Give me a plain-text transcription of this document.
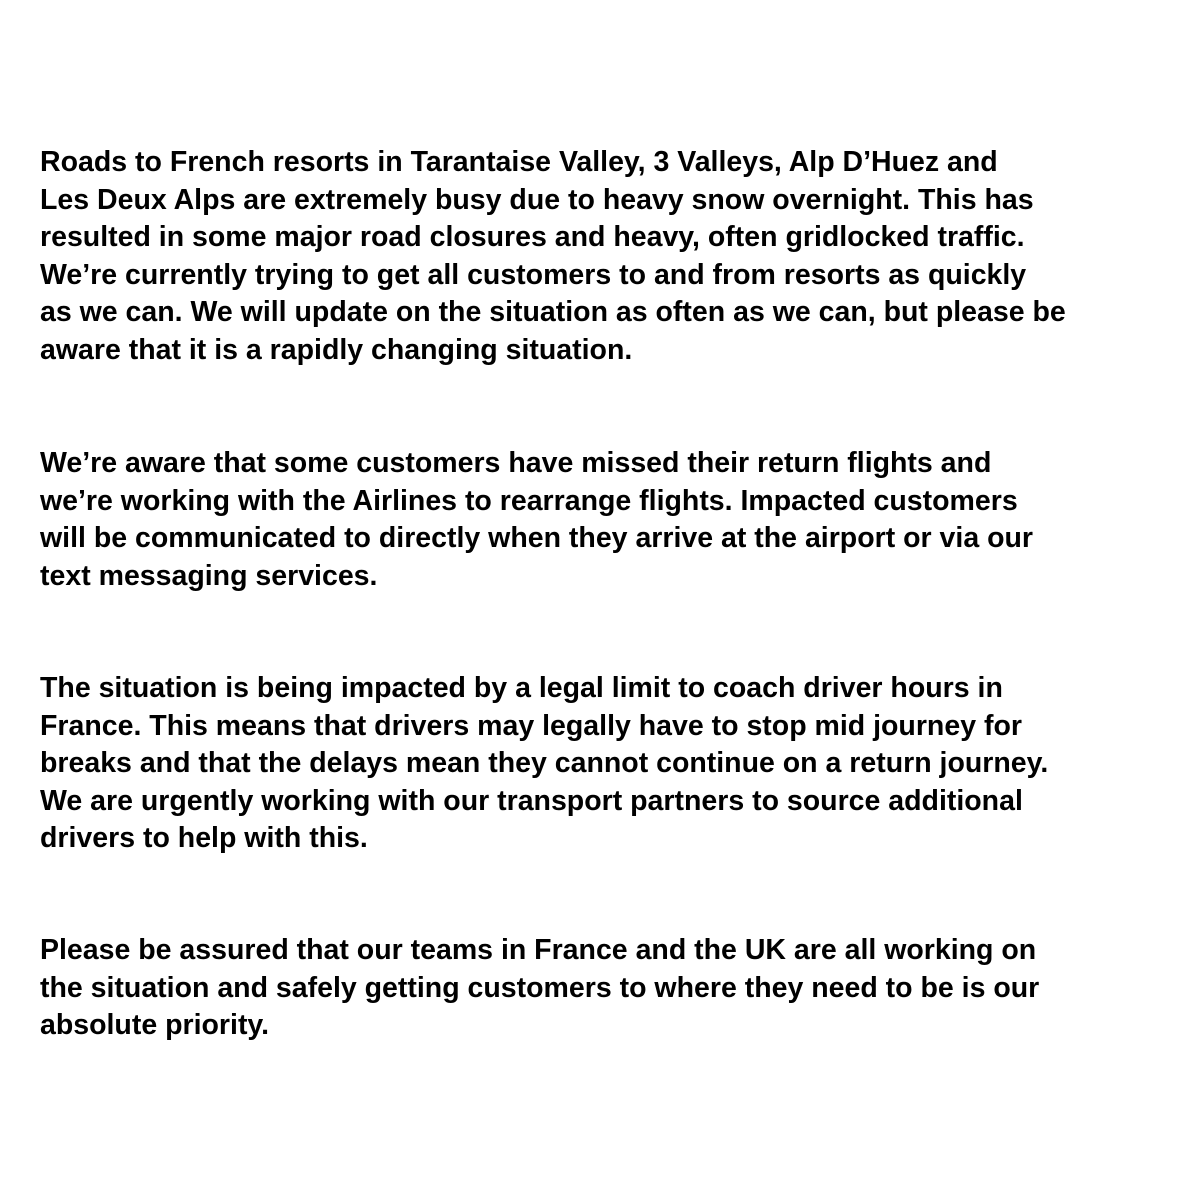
Roads to French resorts in Tarantaise Valley, 3 Valleys, Alp D’Huez and
Les Deux Alps are extremely busy due to heavy snow overnight. This has
resulted in some major road closures and heavy, often gridlocked traffic.
We’re currently trying to get all customers to and from resorts as quickly
as we can. We will update on the situation as often as we can, but please be
aware that it is a rapidly changing situation.

We’re aware that some customers have missed their return flights and
we’re working with the Airlines to rearrange flights. Impacted customers
will be communicated to directly when they arrive at the airport or via our
text messaging services.

The situation is being impacted by a legal limit to coach driver hours in
France. This means that drivers may legally have to stop mid journey for
breaks and that the delays mean they cannot continue on a return journey.
We are urgently working with our transport partners to source additional
drivers to help with this.

Please be assured that our teams in France and the UK are all working on
the situation and safely getting customers to where they need to be is our
absolute priority.
